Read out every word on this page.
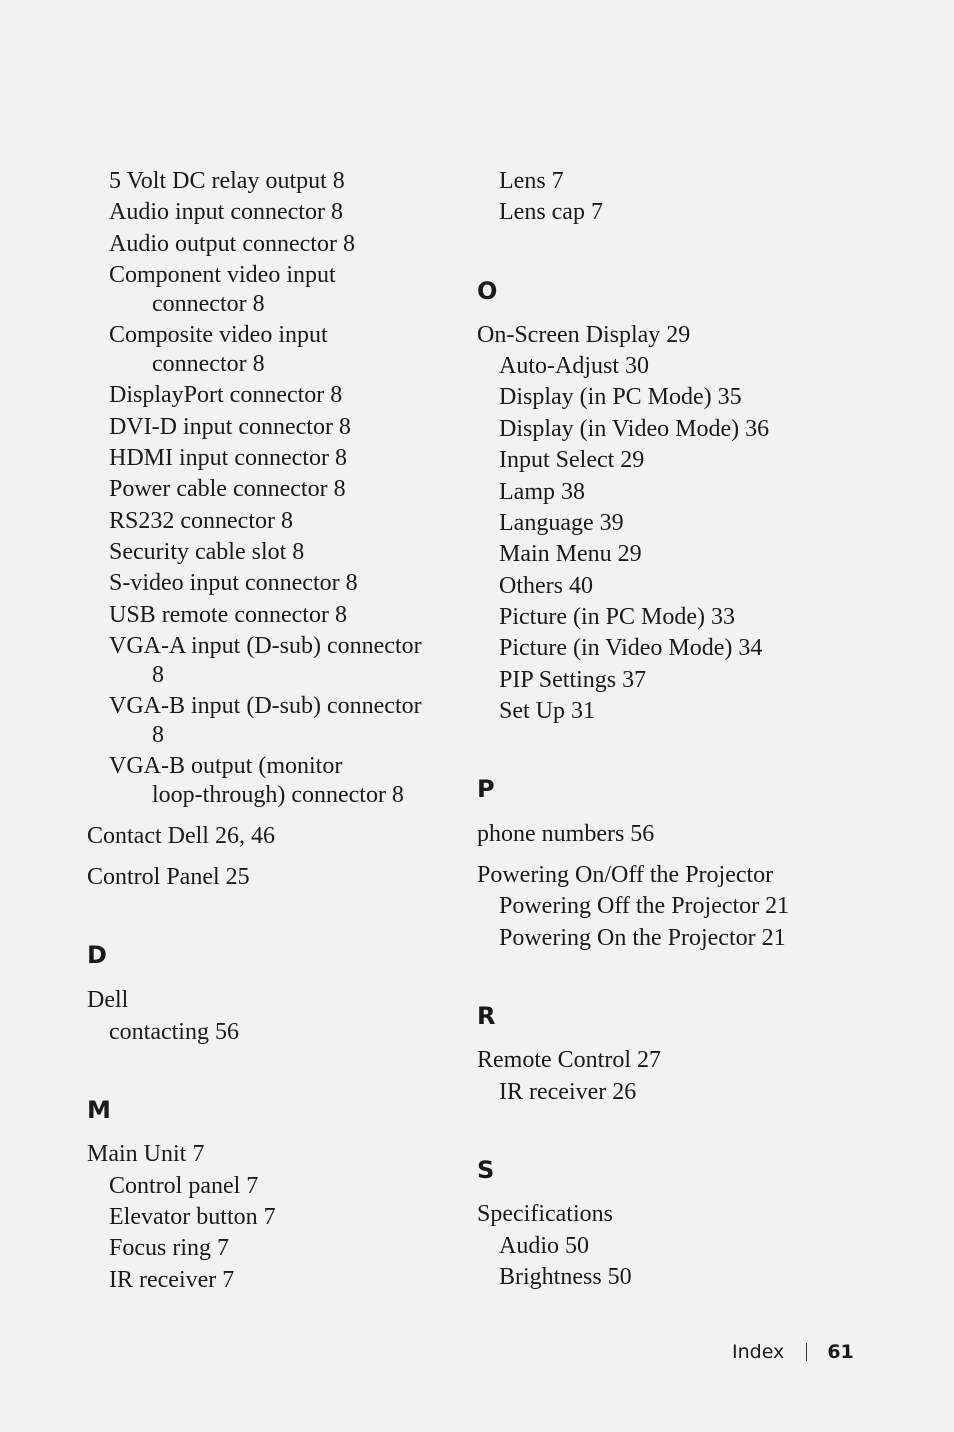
5 Volt DC relay output 8
Audio input connector 8
Audio output connector 8
Component video input
connector 8
Composite video input
connector 8
DisplayPort connector 8
DVI-D input connector 8
HDMI input connector 8
Power cable connector 8
RS232 connector 8
Security cable slot 8
S-video input connector 8
USB remote connector 8
VGA-A input (D-sub) connector
8
VGA-B input (D-sub) connector
8
VGA-B output (monitor
loop-through) connector 8
Contact Dell 26, 46
Control Panel 25
D
Dell
contacting 56
M
Main Unit 7
Control panel 7
Elevator button 7
Focus ring 7
IR receiver 7
Lens 7
Lens cap 7
O
On-Screen Display 29
Auto-Adjust 30
Display (in PC Mode) 35
Display (in Video Mode) 36
Input Select 29
Lamp 38
Language 39
Main Menu 29
Others 40
Picture (in PC Mode) 33
Picture (in Video Mode) 34
PIP Settings 37
Set Up 31
P
phone numbers 56
Powering On/Off the Projector
Powering Off the Projector 21
Powering On the Projector 21
R
Remote Control 27
IR receiver 26
S
Specifications
Audio 50
Brightness 50
Index 61
